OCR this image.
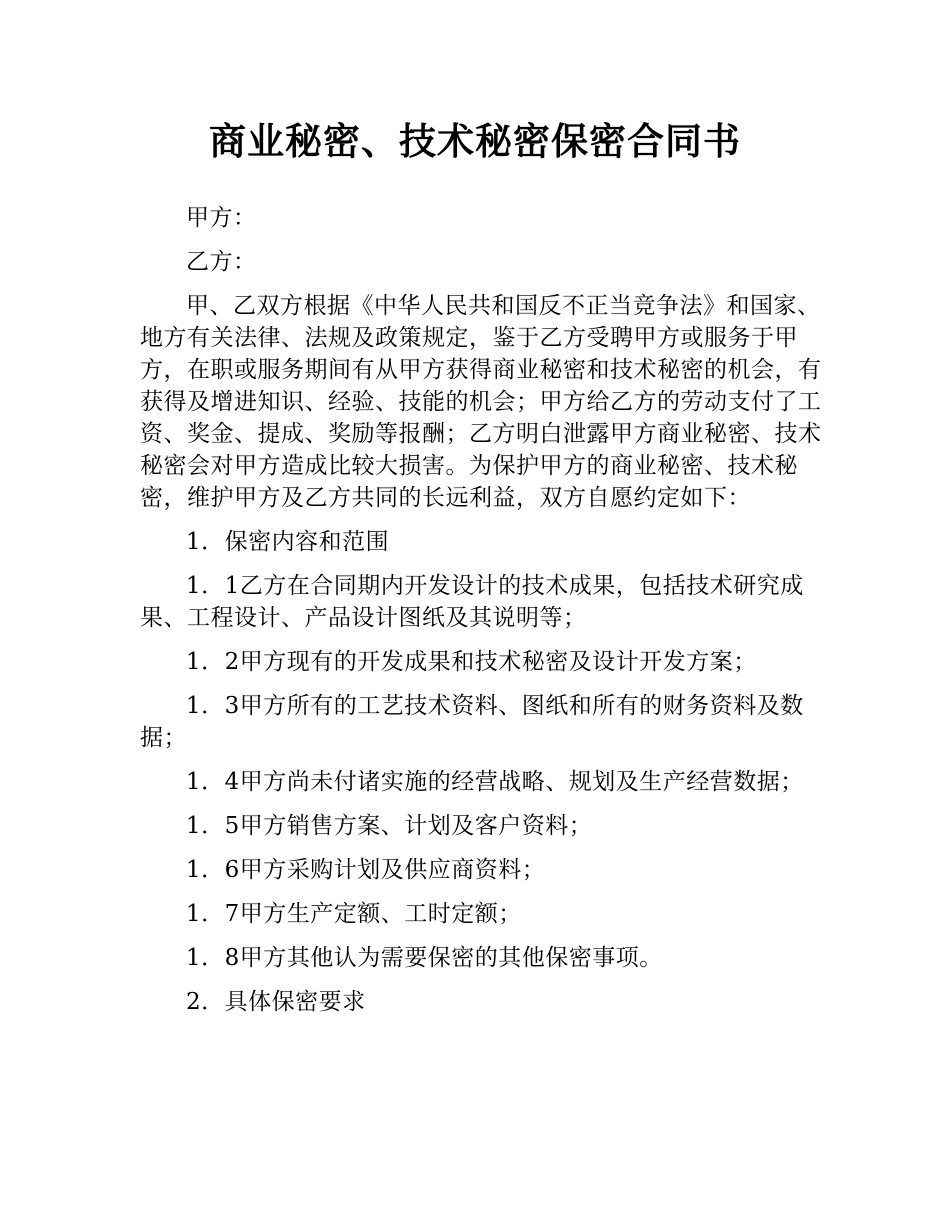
商业秘密、技术秘密保密合同书

甲方：

乙方：

甲、乙双方根据《中华人民共和国反不正当竞争法》和国家、地方有关法律、法规及政策规定，鉴于乙方受聘甲方或服务于甲方，在职或服务期间有从甲方获得商业秘密和技术秘密的机会，有获得及增进知识、经验、技能的机会；甲方给乙方的劳动支付了工资、奖金、提成、奖励等报酬；乙方明白泄露甲方商业秘密、技术秘密会对甲方造成比较大损害。为保护甲方的商业秘密、技术秘密，维护甲方及乙方共同的长远利益，双方自愿约定如下：

1．保密内容和范围

1．1乙方在合同期内开发设计的技术成果，包括技术研究成果、工程设计、产品设计图纸及其说明等；

1．2甲方现有的开发成果和技术秘密及设计开发方案；

1．3甲方所有的工艺技术资料、图纸和所有的财务资料及数据；

1．4甲方尚未付诸实施的经营战略、规划及生产经营数据；

1．5甲方销售方案、计划及客户资料；

1．6甲方采购计划及供应商资料；

1．7甲方生产定额、工时定额；

1．8甲方其他认为需要保密的其他保密事项。

2．具体保密要求
